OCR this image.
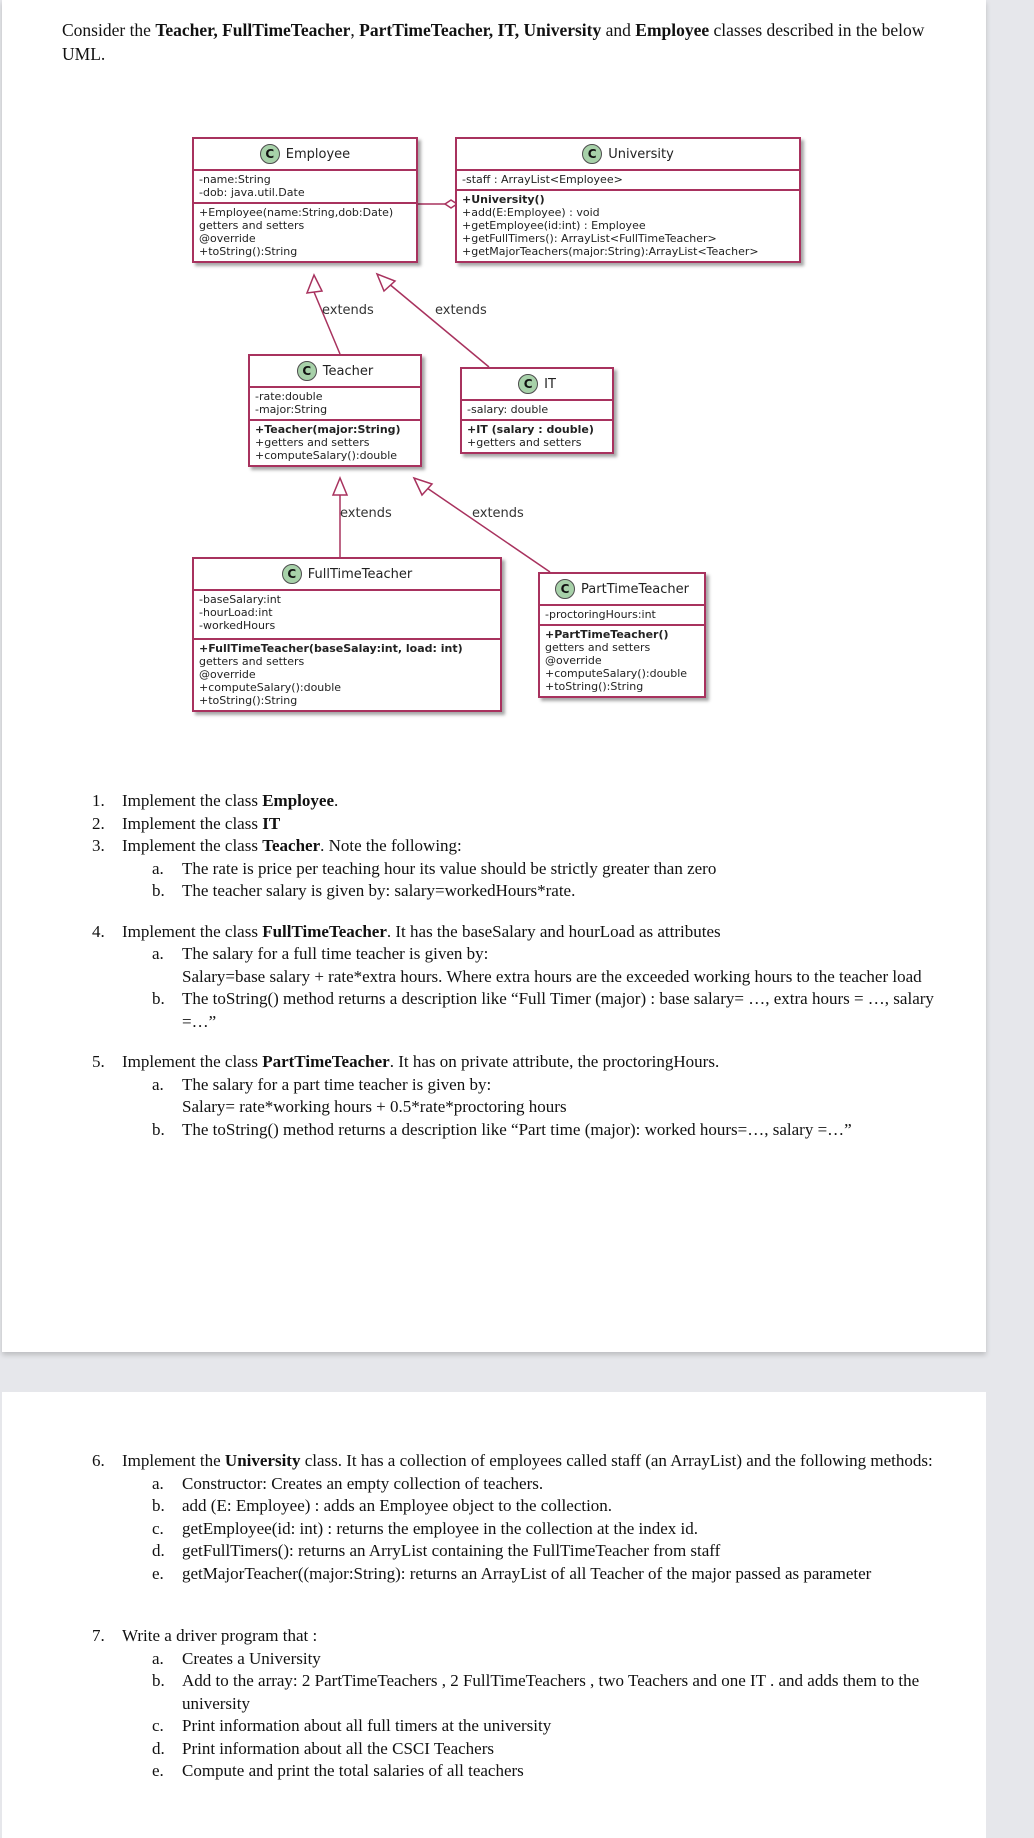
Consider the Teacher, FullTimeTeacher, PartTimeTeacher, IT, University and Employee classes described in the below UML.
extends	extends
extends	extends
C Employee
-name:String
-dob: java.util.Date
+Employee(name:String,dob:Date)
getters and setters
@override
+toString():String
C University
-staff : ArrayList<Employee>
+University()
+add(E:Employee) : void
+getEmployee(id:int) : Employee
+getFullTimers(): ArrayList<FullTimeTeacher>
+getMajorTeachers(major:String):ArrayList<Teacher>
C Teacher
-rate:double
-major:String
+Teacher(major:String)
+getters and setters
+computeSalary():double
C IT
-salary: double
+IT (salary : double)
+getters and setters
C FullTimeTeacher
-baseSalary:int
-hourLoad:int
-workedHours
+FullTimeTeacher(baseSalay:int, load: int)
getters and setters
@override
+computeSalary():double
+toString():String
C PartTimeTeacher
-proctoringHours:int
+PartTimeTeacher()
getters and setters
@override
+computeSalary():double
+toString():String
1. Implement the class Employee.
2. Implement the class IT
3. Implement the class Teacher. Note the following:
a. The rate is price per teaching hour its value should be strictly greater than zero
b. The teacher salary is given by: salary=workedHours*rate.
4. Implement the class FullTimeTeacher. It has the baseSalary and hourLoad as attributes
a. The salary for a full time teacher is given by:
Salary=base salary + rate*extra hours. Where extra hours are the exceeded working hours to the teacher load
b. The toString() method returns a description like “Full Timer (major) : base salary= …, extra hours = …, salary =…”
5. Implement the class PartTimeTeacher. It has on private attribute, the proctoringHours.
a. The salary for a part time teacher is given by:
Salary= rate*working hours + 0.5*rate*proctoring hours
b. The toString() method returns a description like “Part time (major): worked hours=…, salary =…”
6. Implement the University class. It has a collection of employees called staff (an ArrayList) and the following methods:
a. Constructor: Creates an empty collection of teachers.
b. add (E: Employee) : adds an Employee object to the collection.
c. getEmployee(id: int) : returns the employee in the collection at the index id.
d. getFullTimers(): returns an ArryList containing the FullTimeTeacher from staff
e. getMajorTeacher((major:String): returns an ArrayList of all Teacher of the major passed as parameter
7. Write a driver program that :
a. Creates a University
b. Add to the array: 2 PartTimeTeachers , 2 FullTimeTeachers , two Teachers and one IT . and adds them to the university
c. Print information about all full timers at the university
d. Print information about all the CSCI Teachers
e. Compute and print the total salaries of all teachers
